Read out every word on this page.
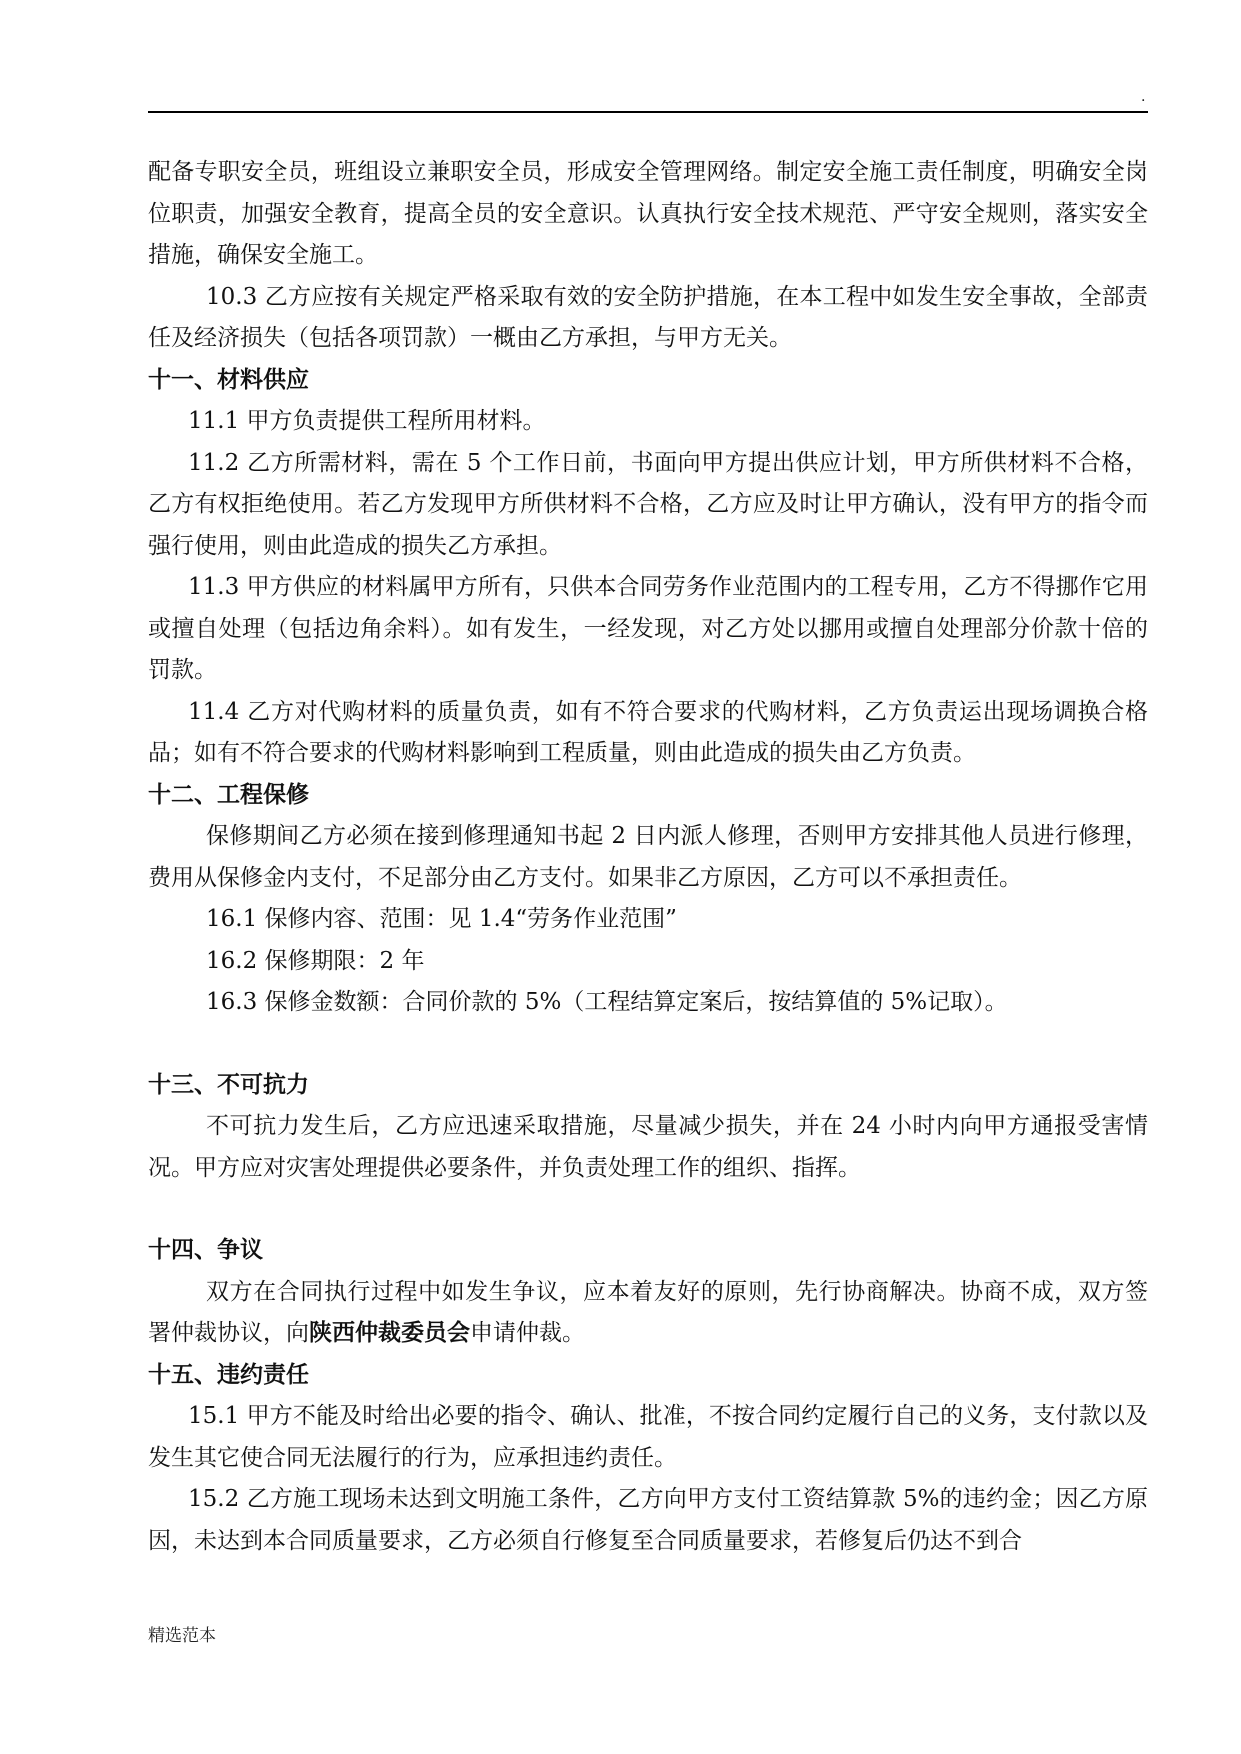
.

配备专职安全员，班组设立兼职安全员，形成安全管理网络。制定安全施工责任制度，明确安全岗位职责，加强安全教育，提高全员的安全意识。认真执行安全技术规范、严守安全规则，落实安全措施，确保安全施工。

10.3 乙方应按有关规定严格采取有效的安全防护措施，在本工程中如发生安全事故，全部责任及经济损失（包括各项罚款）一概由乙方承担，与甲方无关。

十一、材料供应

11.1 甲方负责提供工程所用材料。

11.2 乙方所需材料，需在 5 个工作日前，书面向甲方提出供应计划，甲方所供材料不合格，乙方有权拒绝使用。若乙方发现甲方所供材料不合格，乙方应及时让甲方确认，没有甲方的指令而强行使用，则由此造成的损失乙方承担。

11.3 甲方供应的材料属甲方所有，只供本合同劳务作业范围内的工程专用，乙方不得挪作它用或擅自处理（包括边角余料）。如有发生，一经发现，对乙方处以挪用或擅自处理部分价款十倍的罚款。

11.4 乙方对代购材料的质量负责，如有不符合要求的代购材料，乙方负责运出现场调换合格品；如有不符合要求的代购材料影响到工程质量，则由此造成的损失由乙方负责。

十二、工程保修

保修期间乙方必须在接到修理通知书起 2 日内派人修理，否则甲方安排其他人员进行修理，费用从保修金内支付，不足部分由乙方支付。如果非乙方原因，乙方可以不承担责任。

16.1 保修内容、范围：见 1.4“劳务作业范围”

16.2 保修期限：2 年

16.3 保修金数额：合同价款的 5%（工程结算定案后，按结算值的 5%记取）。

十三、不可抗力

不可抗力发生后，乙方应迅速采取措施，尽量减少损失，并在 24 小时内向甲方通报受害情况。甲方应对灾害处理提供必要条件，并负责处理工作的组织、指挥。

十四、争议

双方在合同执行过程中如发生争议，应本着友好的原则，先行协商解决。协商不成，双方签署仲裁协议，向陕西仲裁委员会申请仲裁。

十五、违约责任

15.1 甲方不能及时给出必要的指令、确认、批准，不按合同约定履行自己的义务，支付款以及发生其它使合同无法履行的行为，应承担违约责任。

15.2 乙方施工现场未达到文明施工条件，乙方向甲方支付工资结算款 5%的违约金；因乙方原因，未达到本合同质量要求，乙方必须自行修复至合同质量要求，若修复后仍达不到合

精选范本
